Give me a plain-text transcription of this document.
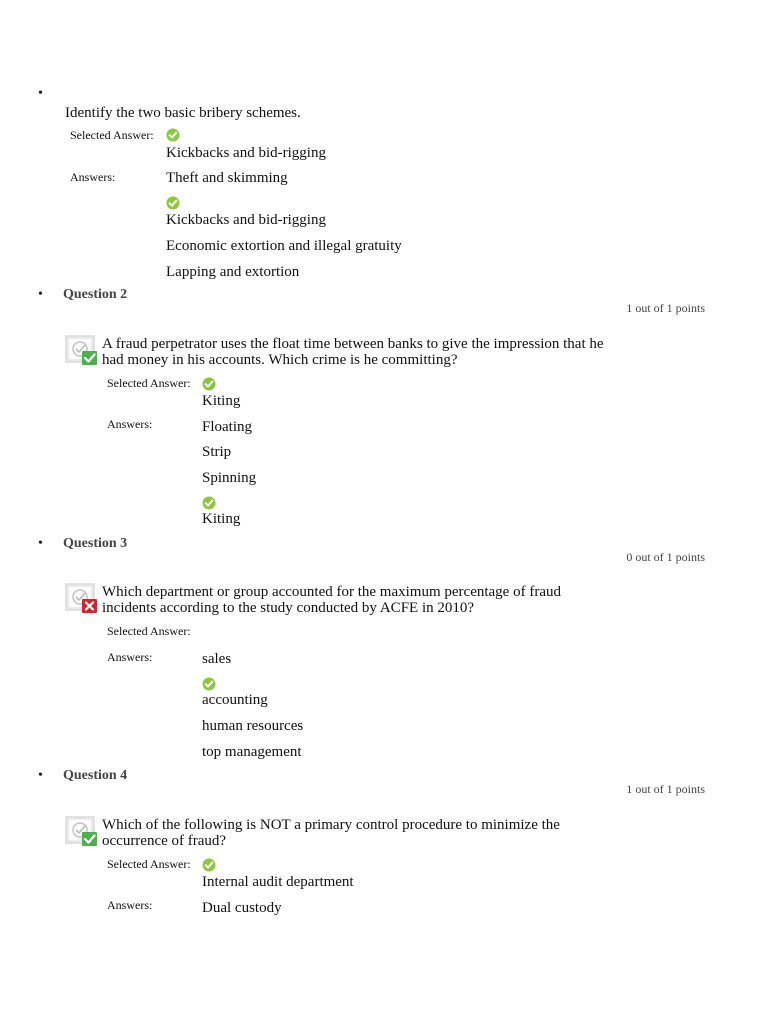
•
Identify the two basic bribery schemes.
Selected Answer:
Kickbacks and bid-rigging
Answers:	Theft and skimming
Kickbacks and bid-rigging
Economic extortion and illegal gratuity
Lapping and extortion
• Question 2
1 out of 1 points
A fraud perpetrator uses the float time between banks to give the impression that he
had money in his accounts. Which crime is he committing?
Selected Answer:
Kiting
Answers:	Floating
Strip
Spinning
Kiting
• Question 3
0 out of 1 points
Which department or group accounted for the maximum percentage of fraud
incidents according to the study conducted by ACFE in 2010?
Selected Answer:
Answers:	sales
accounting
human resources
top management
• Question 4
1 out of 1 points
Which of the following is NOT a primary control procedure to minimize the
occurrence of fraud?
Selected Answer:
Internal audit department
Answers:	Dual custody
